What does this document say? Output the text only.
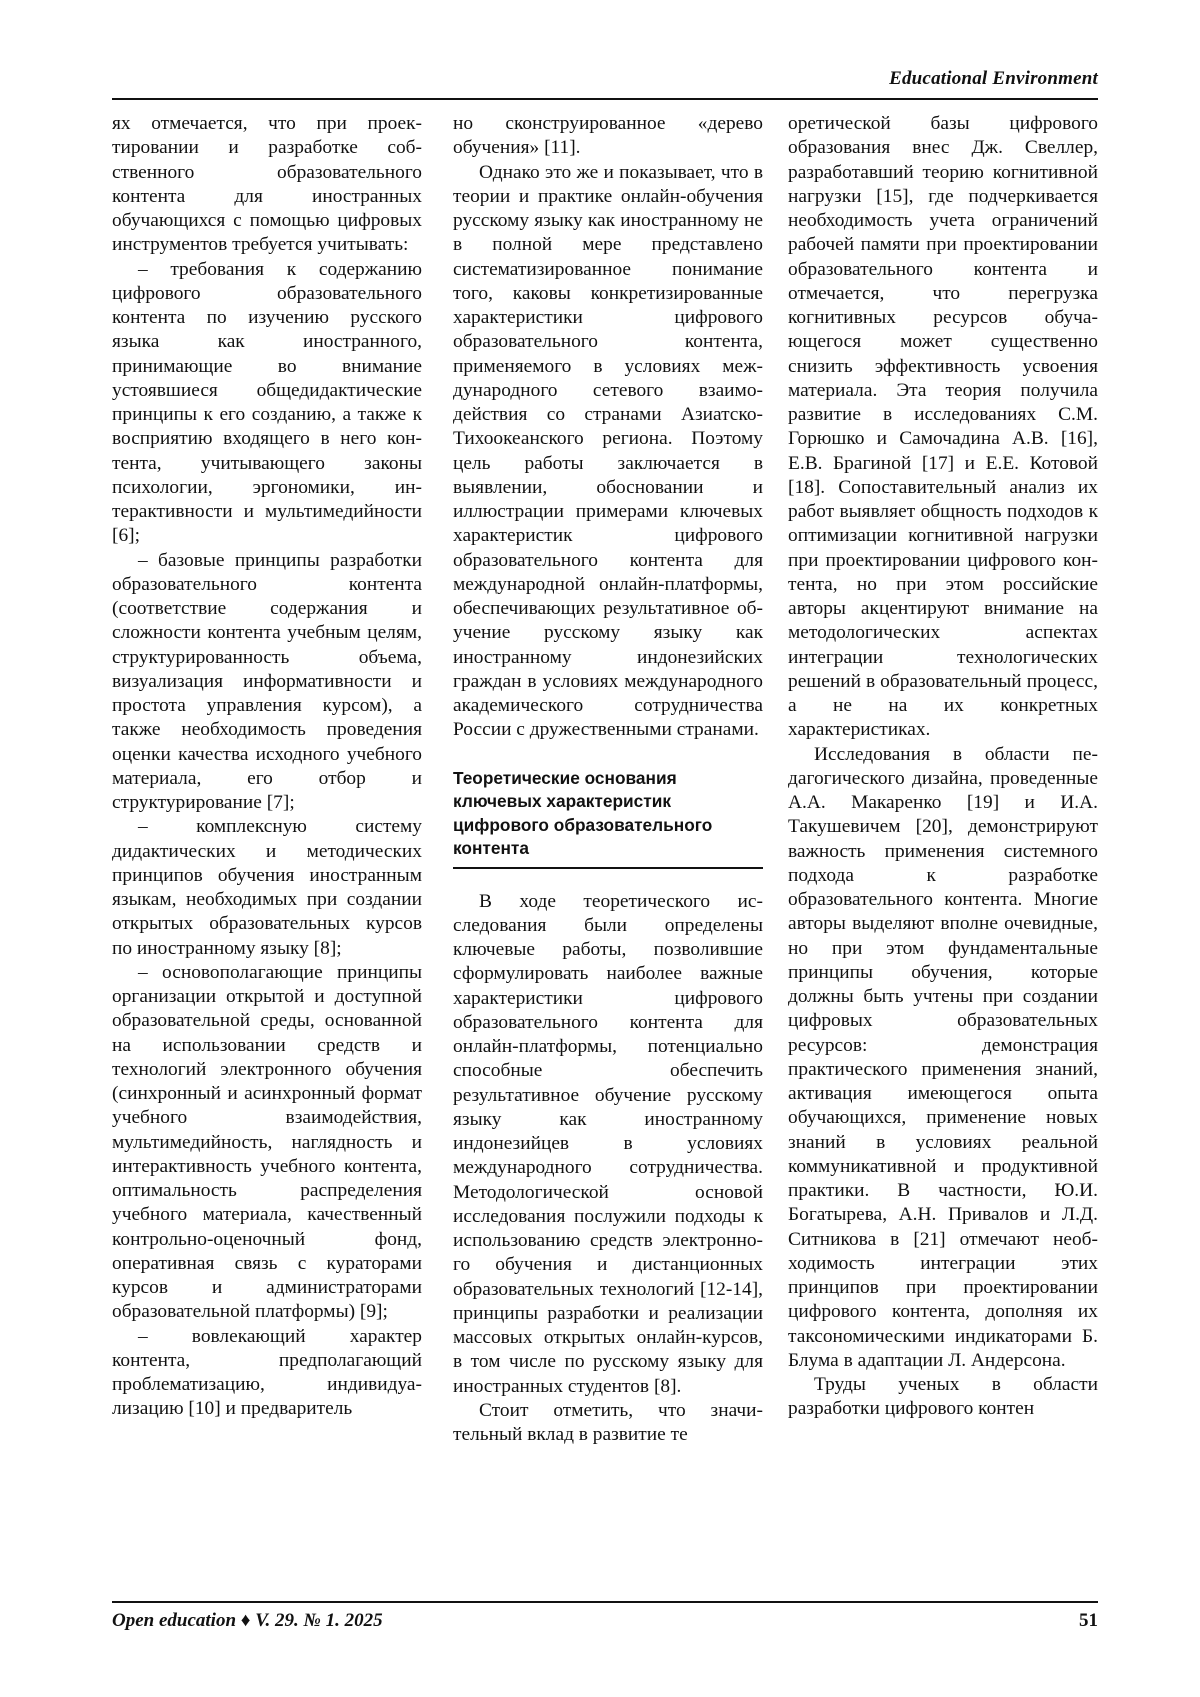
Educational Environment

ях отмечается, что при проектировании и разработке собственного образовательного контента для иностранных обучающихся с помощью цифровых инструментов требуется учитывать:

– требования к содержанию цифрового образовательного контента по изучению русского языка как иностранного, принимающие во внимание устоявшиеся общедидактические принципы к его созданию, а также к восприятию входящего в него контента, учитывающего законы психологии, эргономики, интерактивности и мультимедийности [6];

– базовые принципы разработки образовательного контента (соответствие содержания и сложности контента учебным целям, структурированность объема, визуализация информативности и простота управления курсом), а также необходимость проведения оценки качества исходного учебного материала, его отбор и структурирование [7];

– комплексную систему дидактических и методических принципов обучения иностранным языкам, необходимых при создании открытых образовательных курсов по иностранному языку [8];

– основополагающие принципы организации открытой и доступной образовательной среды, основанной на использовании средств и технологий электронного обучения (синхронный и асинхронный формат учебного взаимодействия, мультимедийность, наглядность и интерактивность учебного контента, оптимальность распределения учебного материала, качественный контрольно-оценочный фонд, оперативная связь с кураторами курсов и администраторами образовательной платформы) [9];

– вовлекающий характер контента, предполагающий проблематизацию, индивидуализацию [10] и предваритель

но сконструированное «дерево обучения» [11].

Однако это же и показывает, что в теории и практике онлайн-обучения русскому языку как иностранному не в полной мере представлено систематизированное понимание того, каковы конкретизированные характеристики цифрового образовательного контента, применяемого в условиях международного сетевого взаимодействия со странами Азиатско-Тихоокеанского региона. Поэтому цель работы заключается в выявлении, обосновании и иллюстрации примерами ключевых характеристик цифрового образовательного контента для международной онлайн-платформы, обеспечивающих результативное обучение русскому языку как иностранному индонезийских граждан в условиях международного академического сотрудничества России с дружественными странами.

Теоретические основания ключевых характеристик цифрового образовательного контента

В ходе теоретического исследования были определены ключевые работы, позволившие сформулировать наиболее важные характеристики цифрового образовательного контента для онлайн-платформы, потенциально способные обеспечить результативное обучение русскому языку как иностранному индонезийцев в условиях международного сотрудничества. Методологической основой исследования послужили подходы к использованию средств электронного обучения и дистанционных образовательных технологий [12-14], принципы разработки и реализации массовых открытых онлайн-курсов, в том числе по русскому языку для иностранных студентов [8].

Стоит отметить, что значительный вклад в развитие те

оретической базы цифрового образования внес Дж. Свеллер, разработавший теорию когнитивной нагрузки [15], где подчеркивается необходимость учета ограничений рабочей памяти при проектировании образовательного контента и отмечается, что перегрузка когнитивных ресурсов обучающегося может существенно снизить эффективность усвоения материала. Эта теория получила развитие в исследованиях С.М. Горюшко и Самочадина А.В. [16], Е.В. Брагиной [17] и Е.Е. Котовой [18]. Сопоставительный анализ их работ выявляет общность подходов к оптимизации когнитивной нагрузки при проектировании цифрового контента, но при этом российские авторы акцентируют внимание на методологических аспектах интеграции технологических решений в образовательный процесс, а не на их конкретных характеристиках.

Исследования в области педагогического дизайна, проведенные А.А. Макаренко [19] и И.А. Такушевичем [20], демонстрируют важность применения системного подхода к разработке образовательного контента. Многие авторы выделяют вполне очевидные, но при этом фундаментальные принципы обучения, которые должны быть учтены при создании цифровых образовательных ресурсов: демонстрация практического применения знаний, активация имеющегося опыта обучающихся, применение новых знаний в условиях реальной коммуникативной и продуктивной практики. В частности, Ю.И. Богатырева, А.Н. Привалов и Л.Д. Ситникова в [21] отмечают необходимость интеграции этих принципов при проектировании цифрового контента, дополняя их таксономическими индикаторами Б. Блума в адаптации Л. Андерсона.

Труды ученых в области разработки цифрового контен

Open education ♦ V. 29. № 1. 2025	51
